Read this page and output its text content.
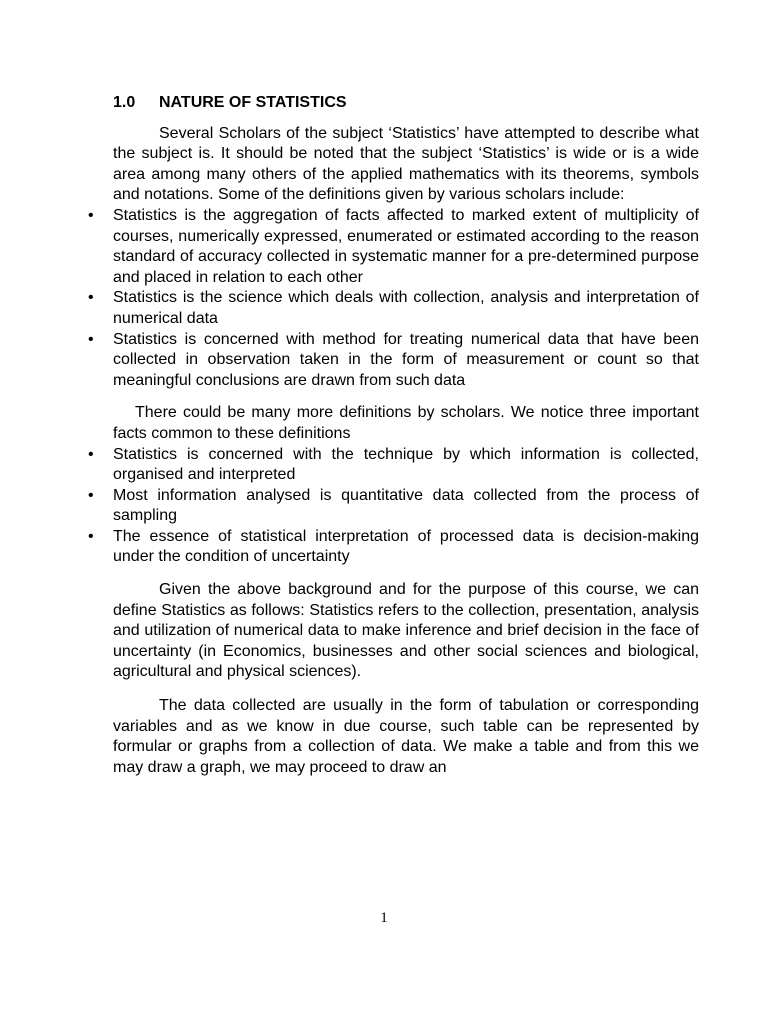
1.0 NATURE OF STATISTICS

Several Scholars of the subject ‘Statistics’ have attempted to describe what the subject is. It should be noted that the subject ‘Statistics’ is wide or is a wide area among many others of the applied mathematics with its theorems, symbols and notations. Some of the definitions given by various scholars include:

• Statistics is the aggregation of facts affected to marked extent of multiplicity of courses, numerically expressed, enumerated or estimated according to the reason standard of accuracy collected in systematic manner for a pre-determined purpose and placed in relation to each other
• Statistics is the science which deals with collection, analysis and interpretation of numerical data
• Statistics is concerned with method for treating numerical data that have been collected in observation taken in the form of measurement or count so that meaningful conclusions are drawn from such data

There could be many more definitions by scholars. We notice three important facts common to these definitions

• Statistics is concerned with the technique by which information is collected, organised and interpreted
• Most information analysed is quantitative data collected from the process of sampling
• The essence of statistical interpretation of processed data is decision-making under the condition of uncertainty

Given the above background and for the purpose of this course, we can define Statistics as follows: Statistics refers to the collection, presentation, analysis and utilization of numerical data to make inference and brief decision in the face of uncertainty (in Economics, businesses and other social sciences and biological, agricultural and physical sciences).

The data collected are usually in the form of tabulation or corresponding variables and as we know in due course, such table can be represented by formular or graphs from a collection of data. We make a table and from this we may draw a graph, we may proceed to draw an

1
